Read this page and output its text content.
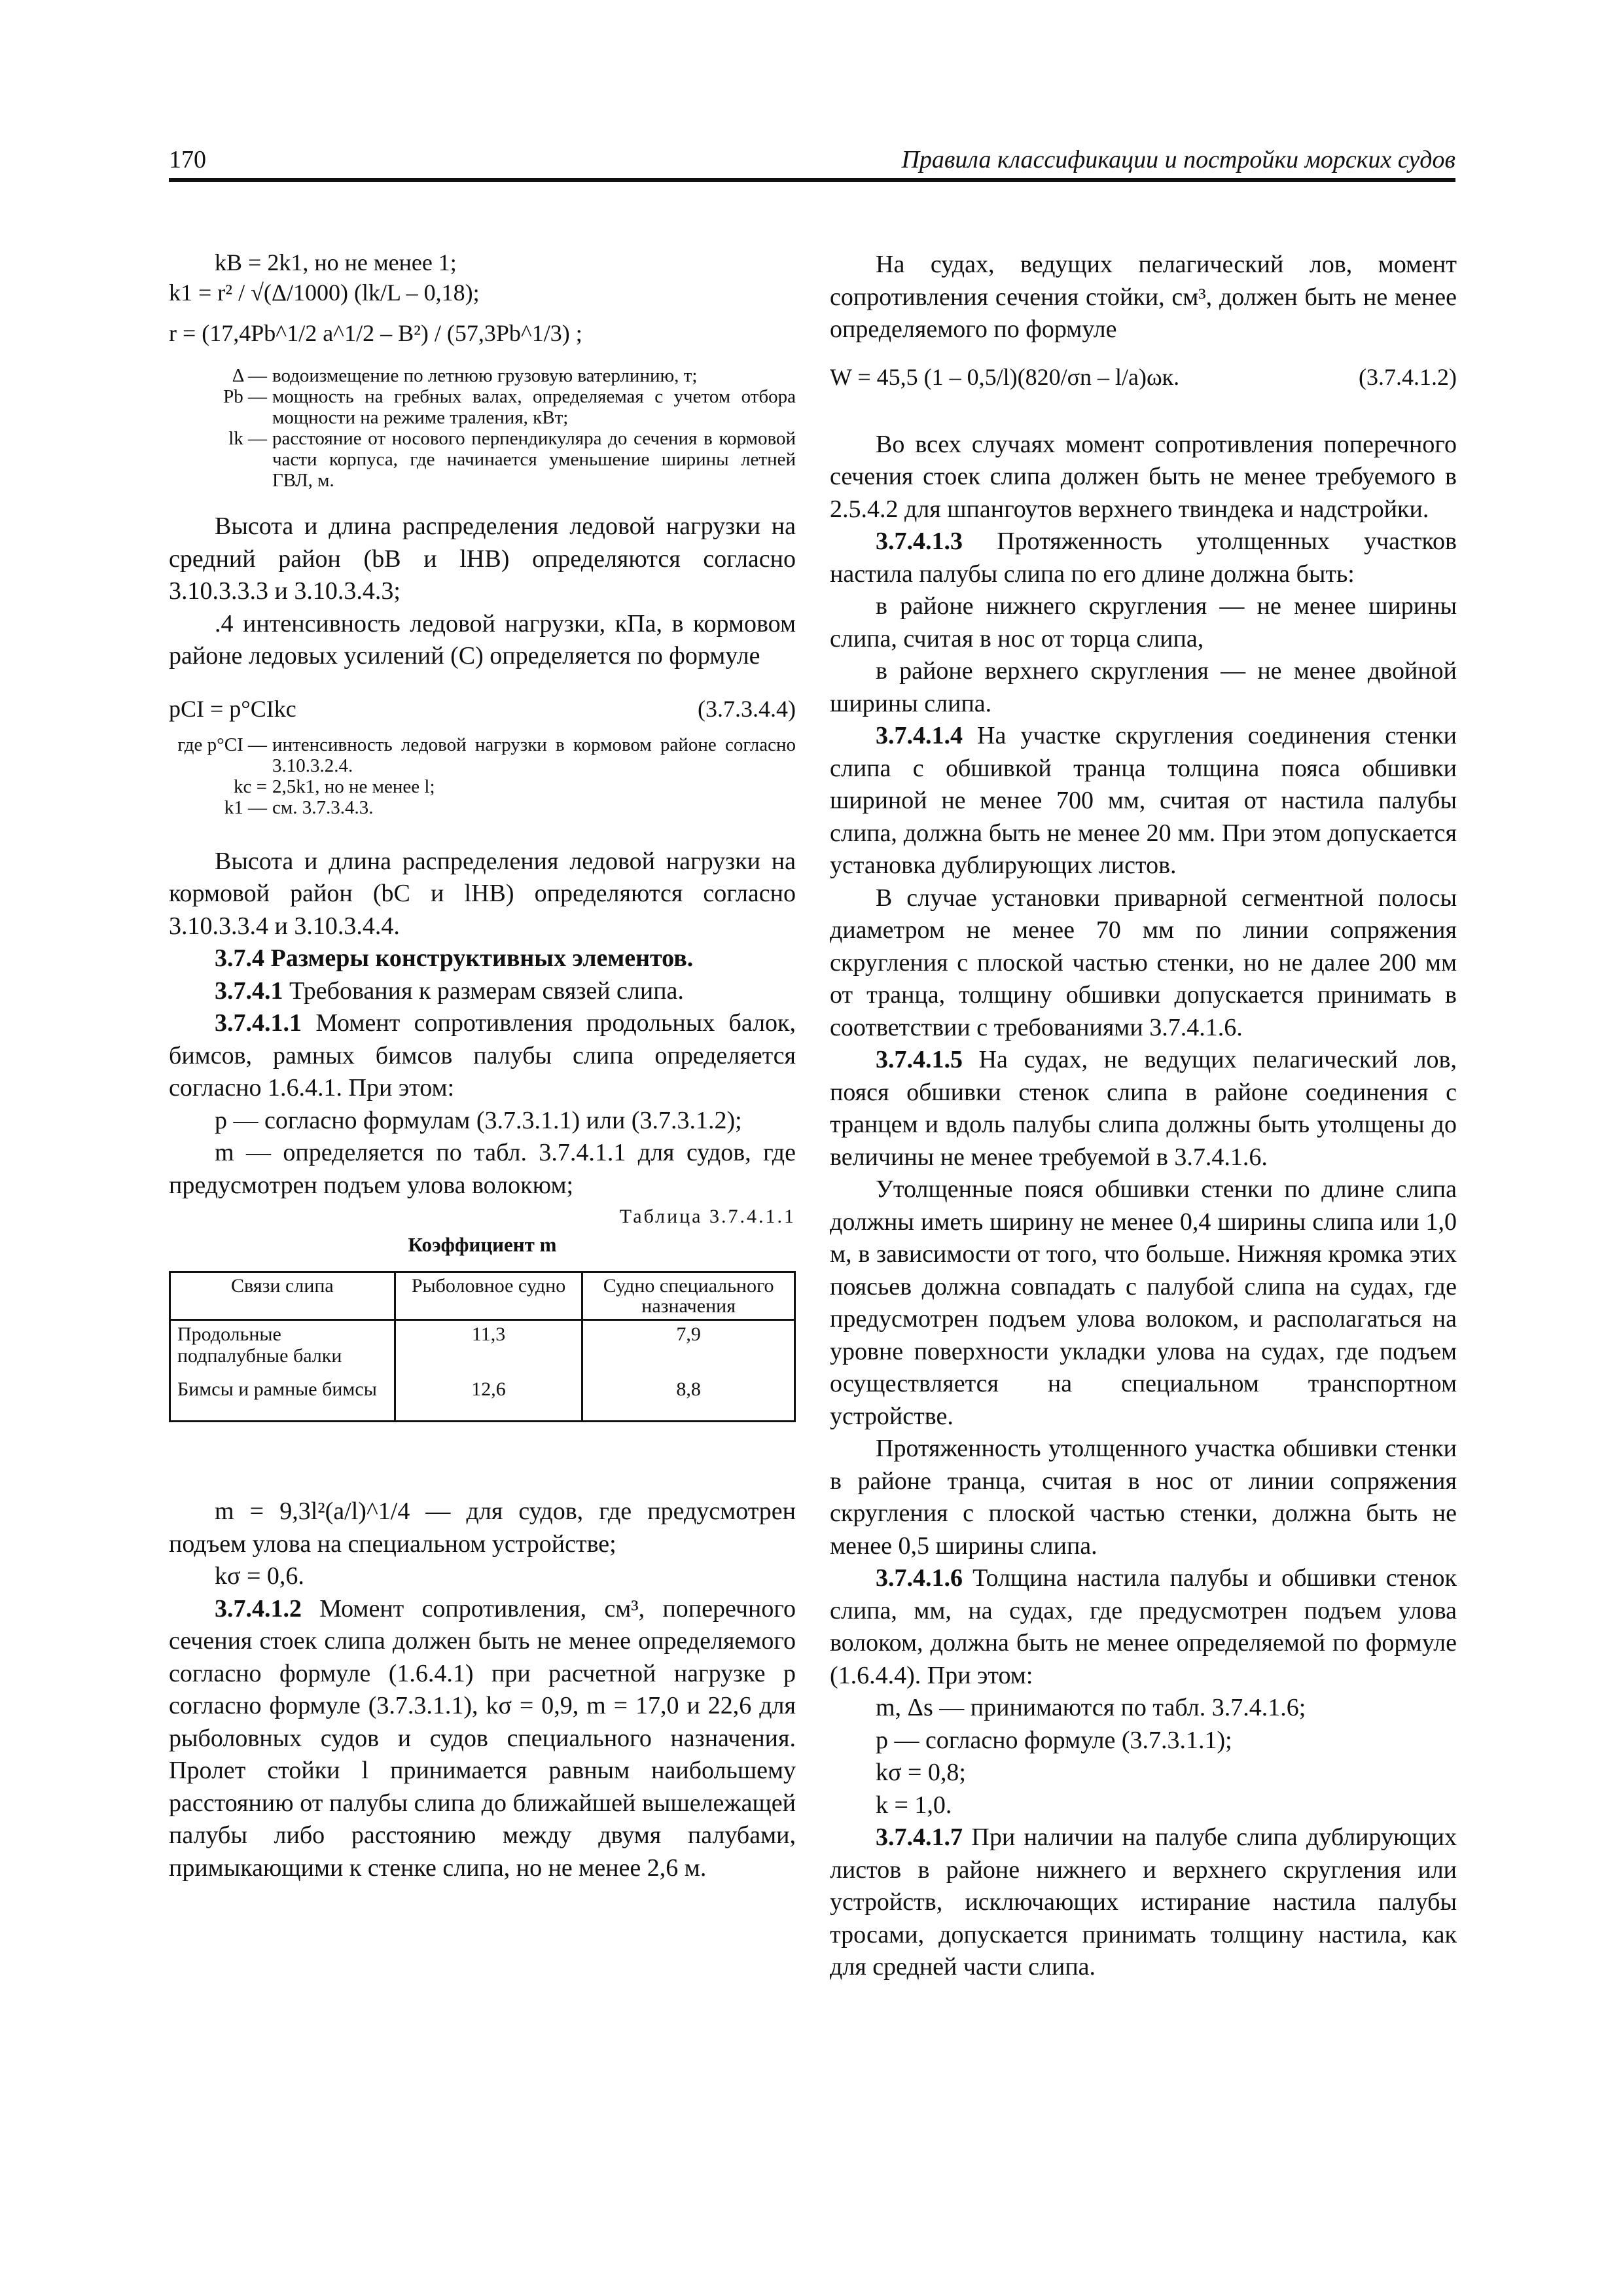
170	Правила классификации и постройки морских судов
kВ = 2k1, но не менее 1;
k1 = r² / √(Δ/1000) (lk/L – 0,18);
r = (17,4Pb^1/2 a^1/2 – B²) / (57,3Pb^1/3) ;
Δ — водоизмещение по летнюю грузовую ватерлинию, т;
Pb — мощность на гребных валах, определяемая с учетом отбора мощности на режиме траления, кВт;
lk — расстояние от носового перпендикуляра до сечения в кормовой части корпуса, где начинается уменьшение ширины летней ГВЛ, м.

Высота и длина распределения ледовой нагрузки на средний район (bВ и lНВ) определяются согласно 3.10.3.3.3 и 3.10.3.4.3;

.4 интенсивность ледовой нагрузки, кПа, в кормовом районе ледовых усилений (С) определяется по формуле

pCI = p°CIkc	(3.7.3.4.4)
где p°CI — интенсивность ледовой нагрузки в кормовом районе согласно 3.10.3.2.4.
kc = 2,5k1, но не менее l;
k1 — см. 3.7.3.4.3.

Высота и длина распределения ледовой нагрузки на кормовой район (bC и lНВ) определяются согласно 3.10.3.3.4 и 3.10.3.4.4.

3.7.4 Размеры конструктивных элементов.

3.7.4.1 Требования к размерам связей слипа.

3.7.4.1.1 Момент сопротивления продольных балок, бимсов, рамных бимсов палубы слипа определяется согласно 1.6.4.1. При этом:

p — согласно формулам (3.7.3.1.1) или (3.7.3.1.2);

m — определяется по табл. 3.7.4.1.1 для судов, где предусмотрен подъем улова волокюм;

Таблица 3.7.4.1.1
Коэффициент m
Связи слипа	Рыболовное судно	Судно специального назначения
Продольные подпалубные балки	11,3	7,9
Бимсы и рамные бимсы	12,6	8,8

m = 9,3l²(a/l)^1/4 — для судов, где предусмотрен подъем улова на специальном устройстве;

kσ = 0,6.

3.7.4.1.2 Момент сопротивления, см³, поперечного сечения стоек слипа должен быть не менее определяемого согласно формуле (1.6.4.1) при расчетной нагрузке p согласно формуле (3.7.3.1.1), kσ = 0,9, m = 17,0 и 22,6 для рыболовных судов и судов специального назначения. Пролет стойки l принимается равным наибольшему расстоянию от палубы слипа до ближайшей вышележащей палубы либо расстоянию между двумя палубами, примыкающими к стенке слипа, но не менее 2,6 м.

На судах, ведущих пелагический лов, момент сопротивления сечения стойки, см³, должен быть не менее определяемого по формуле

W = 45,5 (1 – 0,5/l)(820/σn – l/a)ωк.	(3.7.4.1.2)

Во всех случаях момент сопротивления поперечного сечения стоек слипа должен быть не менее требуемого в 2.5.4.2 для шпангоутов верхнего твиндека и надстройки.

3.7.4.1.3 Протяженность утолщенных участков настила палубы слипа по его длине должна быть:

в районе нижнего скругления — не менее ширины слипа, считая в нос от торца слипа,

в районе верхнего скругления — не менее двойной ширины слипа.

3.7.4.1.4 На участке скругления соединения стенки слипа с обшивкой транца толщина пояса обшивки шириной не менее 700 мм, считая от настила палубы слипа, должна быть не менее 20 мм. При этом допускается установка дублирующих листов.

В случае установки приварной сегментной полосы диаметром не менее 70 мм по линии сопряжения скругления с плоской частью стенки, но не далее 200 мм от транца, толщину обшивки допускается принимать в соответствии с требованиями 3.7.4.1.6.

3.7.4.1.5 На судах, не ведущих пелагический лов, пояся обшивки стенок слипа в районе соединения с транцем и вдоль палубы слипа должны быть утолщены до величины не менее требуемой в 3.7.4.1.6.

Утолщенные пояся обшивки стенки по длине слипа должны иметь ширину не менее 0,4 ширины слипа или 1,0 м, в зависимости от того, что больше. Нижняя кромка этих поясьев должна совпадать с палубой слипа на судах, где предусмотрен подъем улова волоком, и располагаться на уровне поверхности укладки улова на судах, где подъем осуществляется на специальном транспортном устройстве.

Протяженность утолщенного участка обшивки стенки в районе транца, считая в нос от линии сопряжения скругления с плоской частью стенки, должна быть не менее 0,5 ширины слипа.

3.7.4.1.6 Толщина настила палубы и обшивки стенок слипа, мм, на судах, где предусмотрен подъем улова волоком, должна быть не менее определяемой по формуле (1.6.4.4). При этом:

m, Δs — принимаются по табл. 3.7.4.1.6;

p — согласно формуле (3.7.3.1.1);

kσ = 0,8;

k = 1,0.

3.7.4.1.7 При наличии на палубе слипа дублирующих листов в районе нижнего и верхнего скругления или устройств, исключающих истирание настила палубы тросами, допускается принимать толщину настила, как для средней части слипа.
